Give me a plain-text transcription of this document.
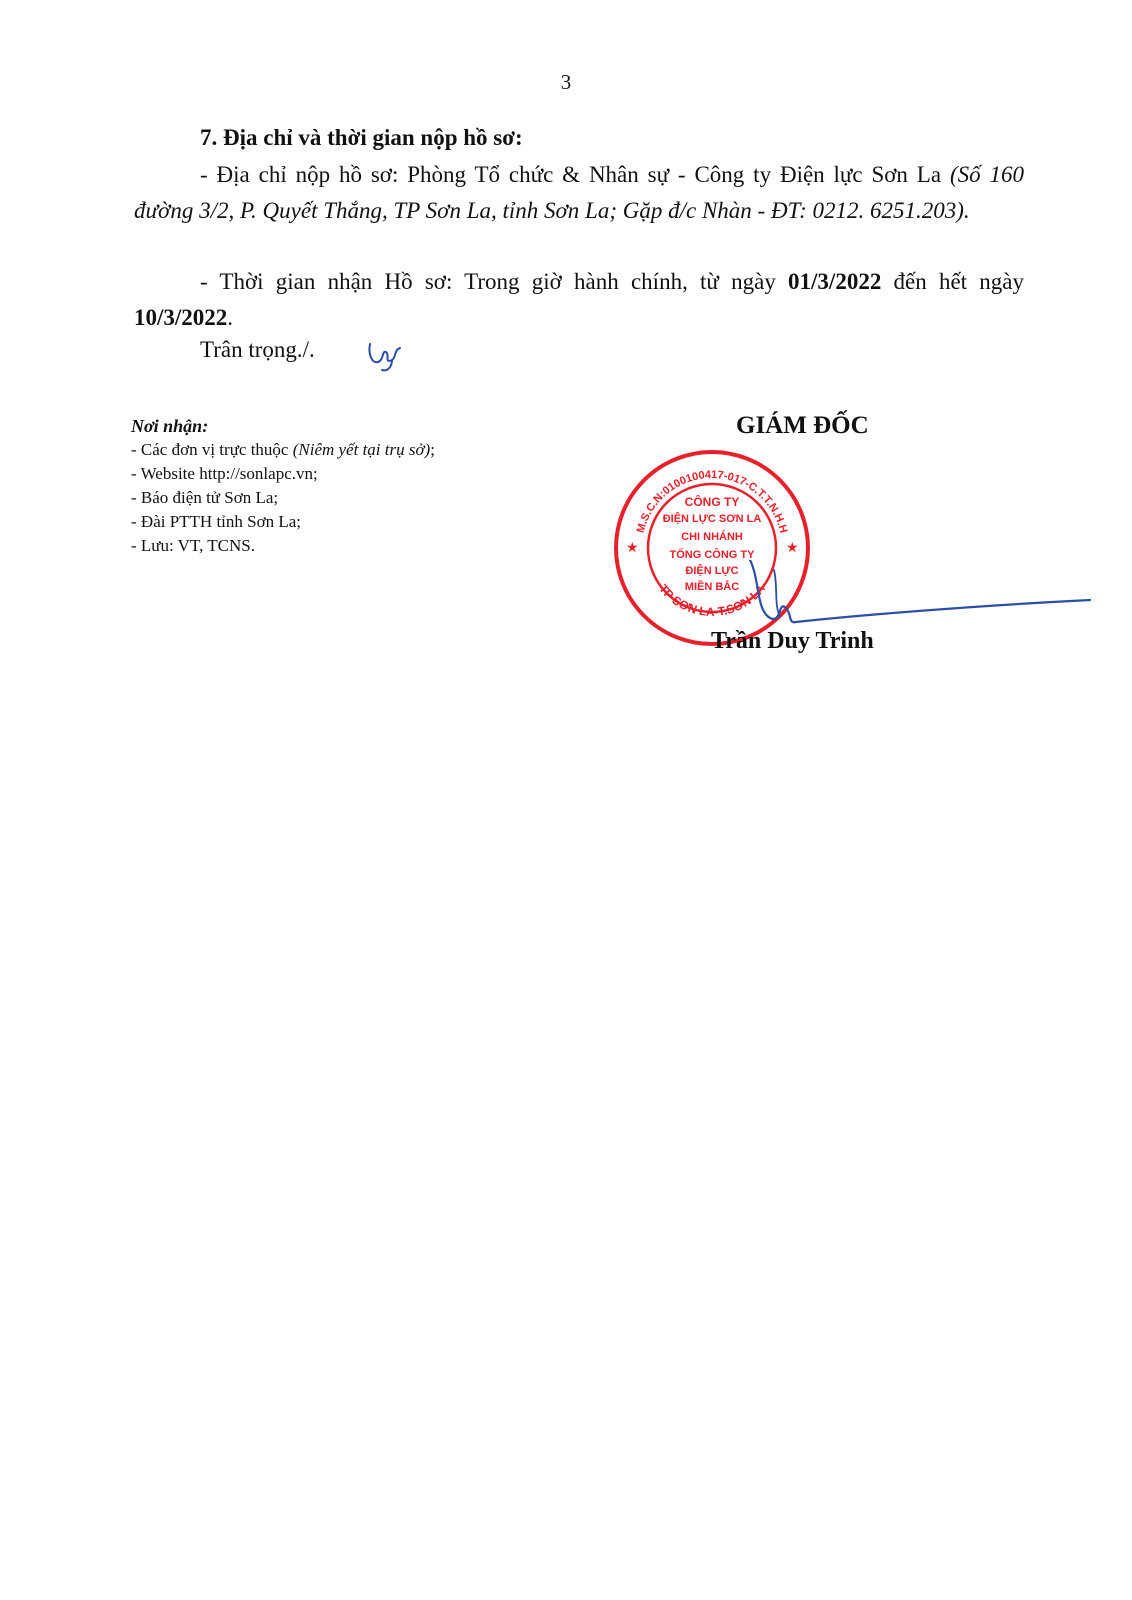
3
7. Địa chỉ và thời gian nộp hồ sơ:
- Địa chỉ nộp hồ sơ: Phòng Tổ chức & Nhân sự - Công ty Điện lực Sơn La (Số 160 đường 3/2, P. Quyết Thắng, TP Sơn La, tỉnh Sơn La; Gặp đ/c Nhàn - ĐT: 0212. 6251.203).
- Thời gian nhận Hồ sơ: Trong giờ hành chính, từ ngày 01/3/2022 đến hết ngày 10/3/2022.
Trân trọng./.
Nơi nhận:
- Các đơn vị trực thuộc (Niêm yết tại trụ sở);
- Website http://sonlapc.vn;
- Báo điện tử Sơn La;
- Đài PTTH tỉnh Sơn La;
- Lưu: VT, TCNS.
GIÁM ĐỐC
M.S.C.N:0100100417-017-C.T.T.N.H.H
TP SƠN LA-T.SƠN LA
★	★
CÔNG TY
ĐIỆN LỰC SƠN LA
CHI NHÁNH
TỔNG CÔNG TY
ĐIỆN LỰC
MIỀN BẮC
Trần Duy Trinh
